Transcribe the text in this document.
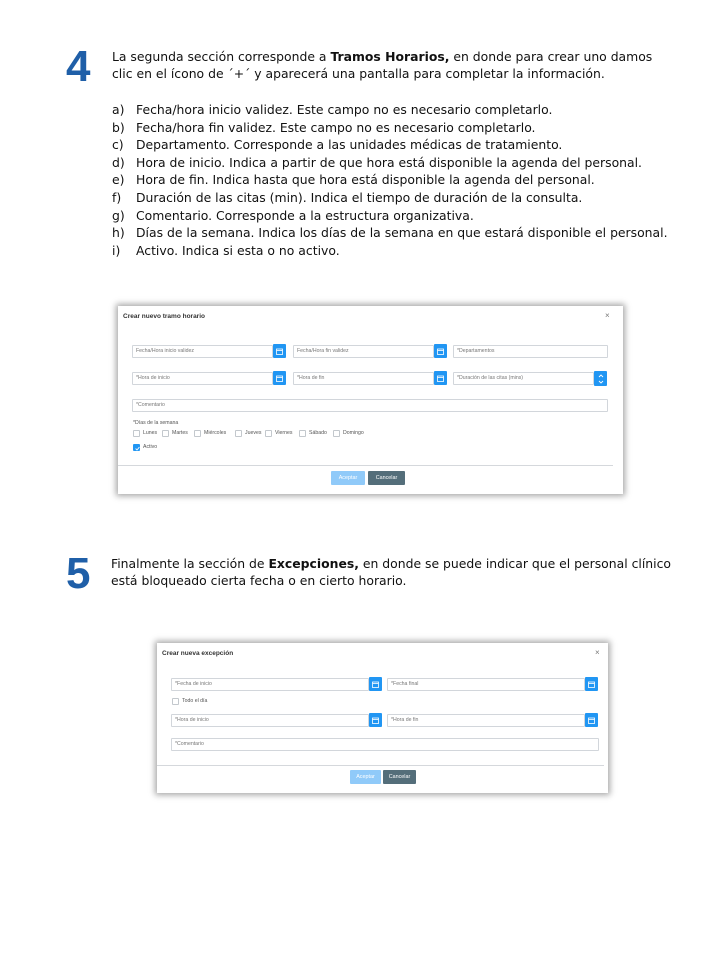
4 La segunda sección corresponde a Tramos Horarios, en donde para crear uno damos clic en el ícono de ´+´ y aparecerá una pantalla para completar la información.
a) Fecha/hora inicio validez. Este campo no es necesario completarlo.
b) Fecha/hora fin validez. Este campo no es necesario completarlo.
c) Departamento. Corresponde a las unidades médicas de tratamiento.
d) Hora de inicio. Indica a partir de que hora está disponible la agenda del personal.
e) Hora de fin. Indica hasta que hora está disponible la agenda del personal.
f)	Duración de las citas (min). Indica el tiempo de duración de la consulta.
g) Comentario. Corresponde a la estructura organizativa.
h) Días de la semana. Indica los días de la semana en que estará disponible el personal.
i)	Activo. Indica si esta o no activo.
Crear nuevo tramo horario	×
Fecha/Hora inicio validez	Fecha/Hora fin validez	*Departamentos
*Hora de inicio	*Hora de fin	*Duración de las citas (mins)
*Comentario
*Días de la semana
Lunes	Martes	Miércoles	Jueves	Viernes	Sábado	Domingo
Activo
Aceptar	Cancelar
5 Finalmente la sección de Excepciones, en donde se puede indicar que el personal clínico está bloqueado cierta fecha o en cierto horario.
Crear nueva excepción	×
*Fecha de inicio	*Fecha final
Todo el día
*Hora de inicio	*Hora de fin
*Comentario
Aceptar	Cancelar
